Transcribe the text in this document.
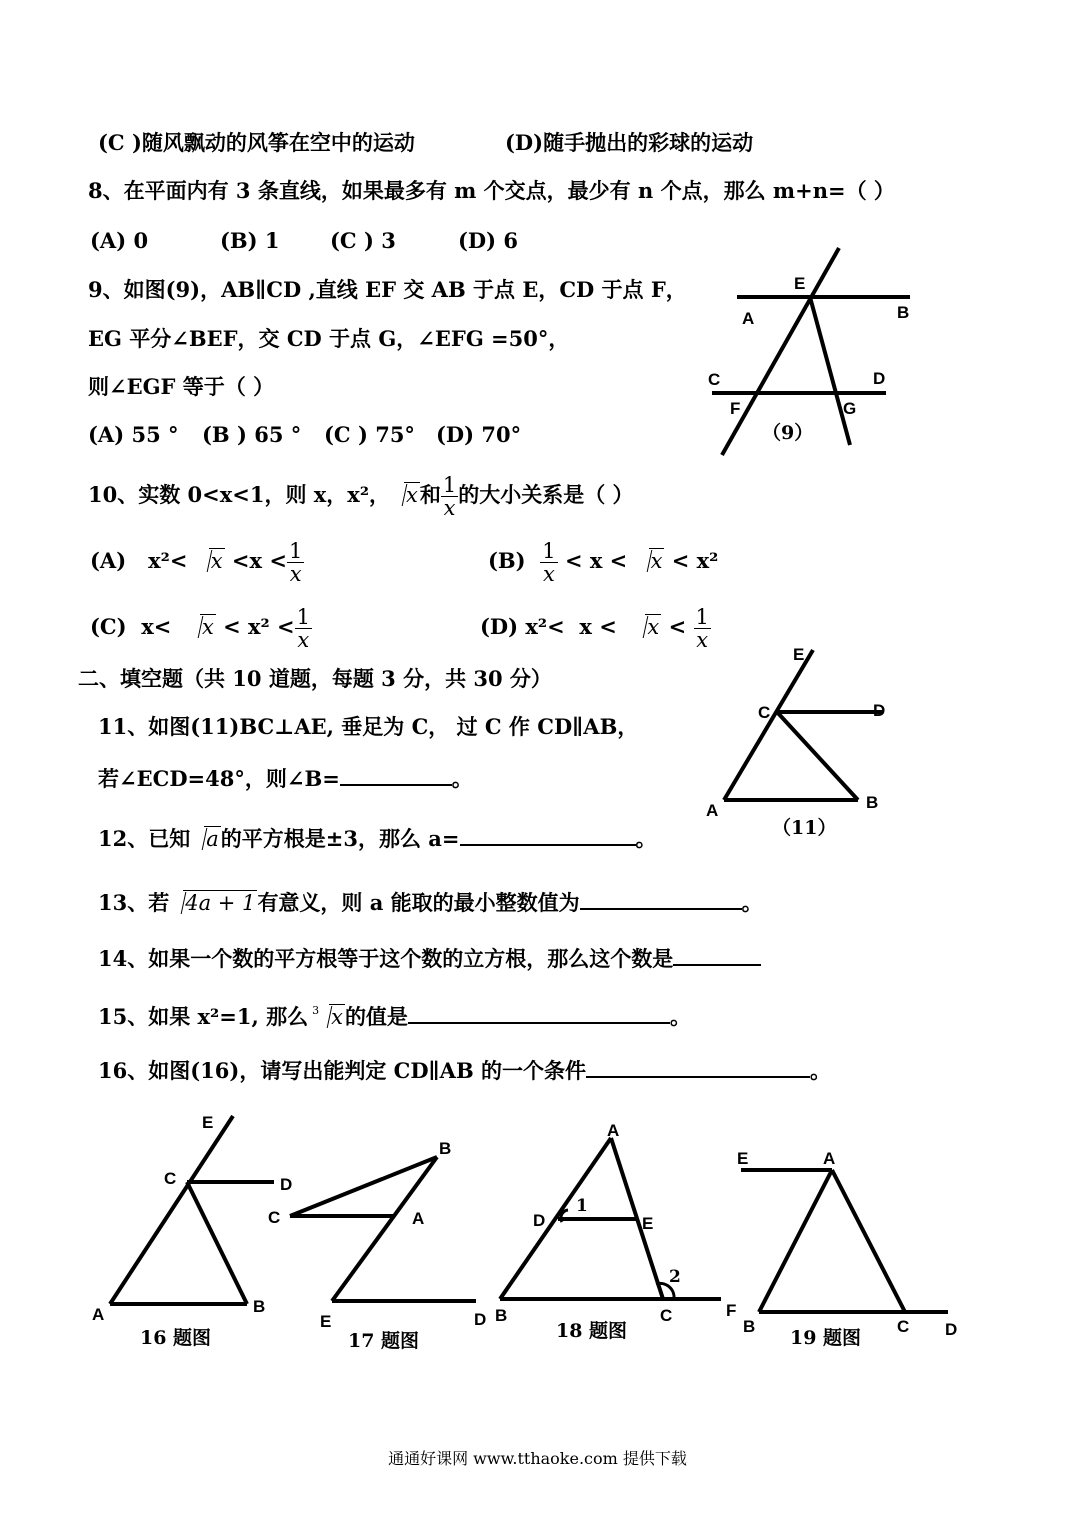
(C )随风飘动的风筝在空中的运动	(D)随手抛出的彩球的运动
8、在平面内有 3 条直线，如果最多有 m 个交点，最少有 n 个点，那么 m+n=（ ）
(A) 0	(B) 1 (C ) 3	(D) 6
9、如图(9)，AB∥CD ,直线 EF 交 AB 于点 E，CD 于点 F，
EG 平分∠BEF，交 CD 于点 G，∠EFG =50°，
则∠EGF 等于（ ）
(A) 55 ° (B ) 65 ° (C ) 75° (D) 70°
E
A	B
C	D
F	G
（9）
10、实数 0<x<1，则 x，x²， x和 $\frac{1}{x}$ 的大小关系是（ ）
(A) $x^2< x <x < \frac{1}{x}$	$(B) \frac{1}{x} < x < x < x^2$
(C) $x< x < x^2 < \frac{1}{x}$	(D) $x^2< x < x < \frac{1}{x}$
二、填空题（共 10 道题，每题 3 分，共 30 分）
E
C	D
A	B
（11）
11、如图(11)BC⊥AE, 垂足为 C， 过 C 作 CD∥AB，
若∠ECD=48°，则∠B=	。
12、已知 a的平方根是±3，那么 a=	。
13、若 4a + 1有意义，则 a 能取的最小整数值为	。
14、如果一个数的平方根等于这个数的立方根，那么这个数是
15、如果 x²=1, 那么 $^3$ x的值是	。
16、如图(16)，请写出能判定 CD∥AB 的一个条件	。
E
C	D
A	B
16 题图
B
C	A
E	D
17 题图
A
D
1
E
2
B	C	F
18 题图
E	A
B	C D
19 题图
通通好课网 www.tthaoke.com 提供下载
